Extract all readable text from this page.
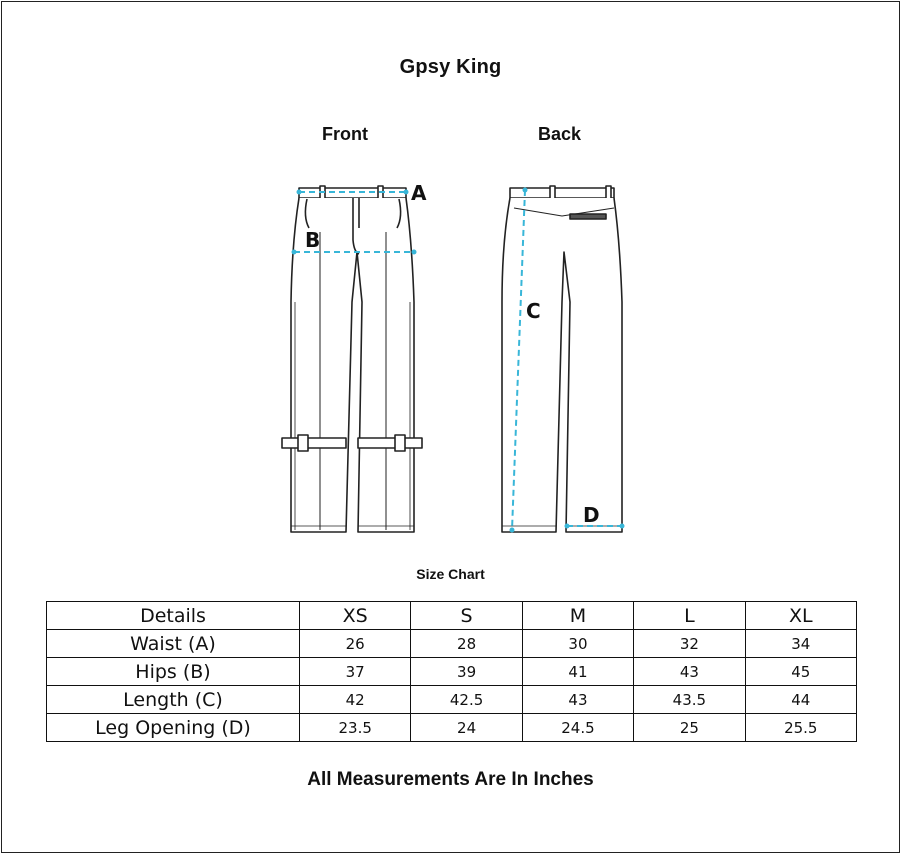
Gpsy King
Front	Back
A
B
C
D
Size Chart
Details	XS	S	M	L	XL
Waist (A)	26	28	30	32	34
Hips (B)	37	39	41	43	45
Length (C)	42	42.5	43	43.5	44
Leg Opening (D)	23.5	24	24.5	25	25.5
All Measurements Are In Inches
